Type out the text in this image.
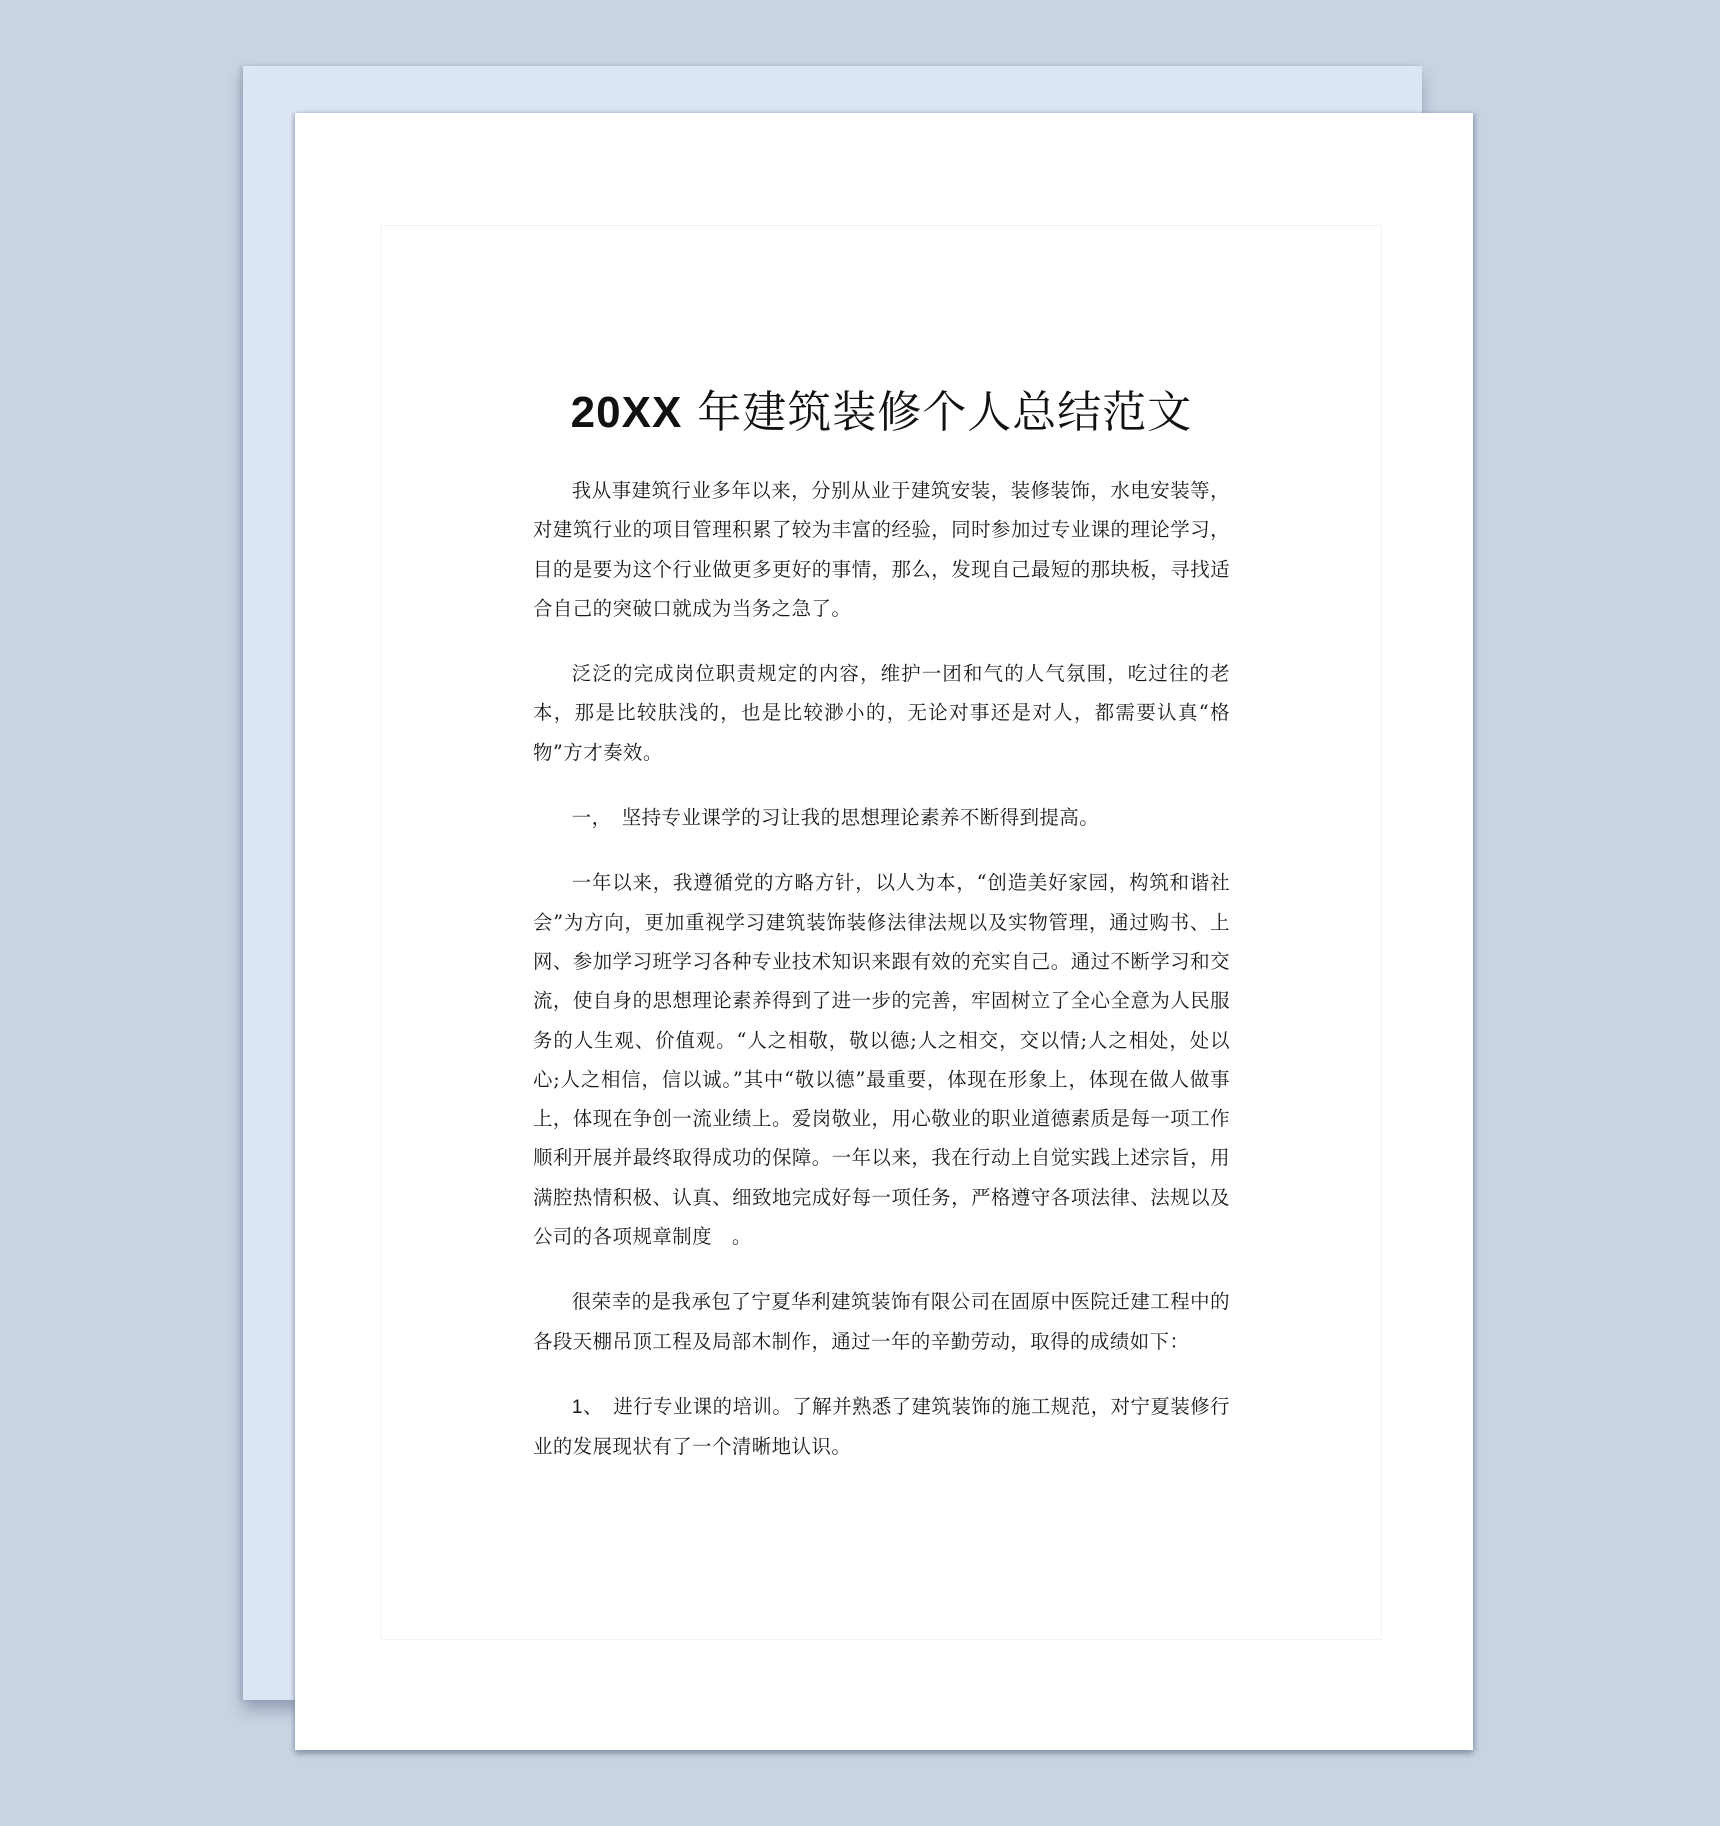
20XX 年建筑装修个人总结范文

我从事建筑行业多年以来，分别从业于建筑安装，装修装饰，水电安装等，对建筑行业的项目管理积累了较为丰富的经验，同时参加过专业课的理论学习，目的是要为这个行业做更多更好的事情，那么，发现自己最短的那块板，寻找适合自己的突破口就成为当务之急了。

泛泛的完成岗位职责规定的内容，维护一团和气的人气氛围，吃过往的老本，那是比较肤浅的，也是比较渺小的，无论对事还是对人，都需要认真“格物”方才奏效。

一，　坚持专业课学的习让我的思想理论素养不断得到提高。

一年以来，我遵循党的方略方针，以人为本，“创造美好家园，构筑和谐社会”为方向，更加重视学习建筑装饰装修法律法规以及实物管理，通过购书、上网、参加学习班学习各种专业技术知识来跟有效的充实自己。通过不断学习和交流，使自身的思想理论素养得到了进一步的完善，牢固树立了全心全意为人民服务的人生观、价值观。“人之相敬，敬以德;人之相交，交以情;人之相处，处以心;人之相信，信以诚。”其中“敬以德”最重要，体现在形象上，体现在做人做事上，体现在争创一流业绩上。爱岗敬业，用心敬业的职业道德素质是每一项工作顺利开展并最终取得成功的保障。一年以来，我在行动上自觉实践上述宗旨，用满腔热情积极、认真、细致地完成好每一项任务，严格遵守各项法律、法规以及公司的各项规章制度　。

很荣幸的是我承包了宁夏华利建筑装饰有限公司在固原中医院迁建工程中的各段天棚吊顶工程及局部木制作，通过一年的辛勤劳动，取得的成绩如下：

1、　进行专业课的培训。了解并熟悉了建筑装饰的施工规范，对宁夏装修行业的发展现状有了一个清晰地认识。
